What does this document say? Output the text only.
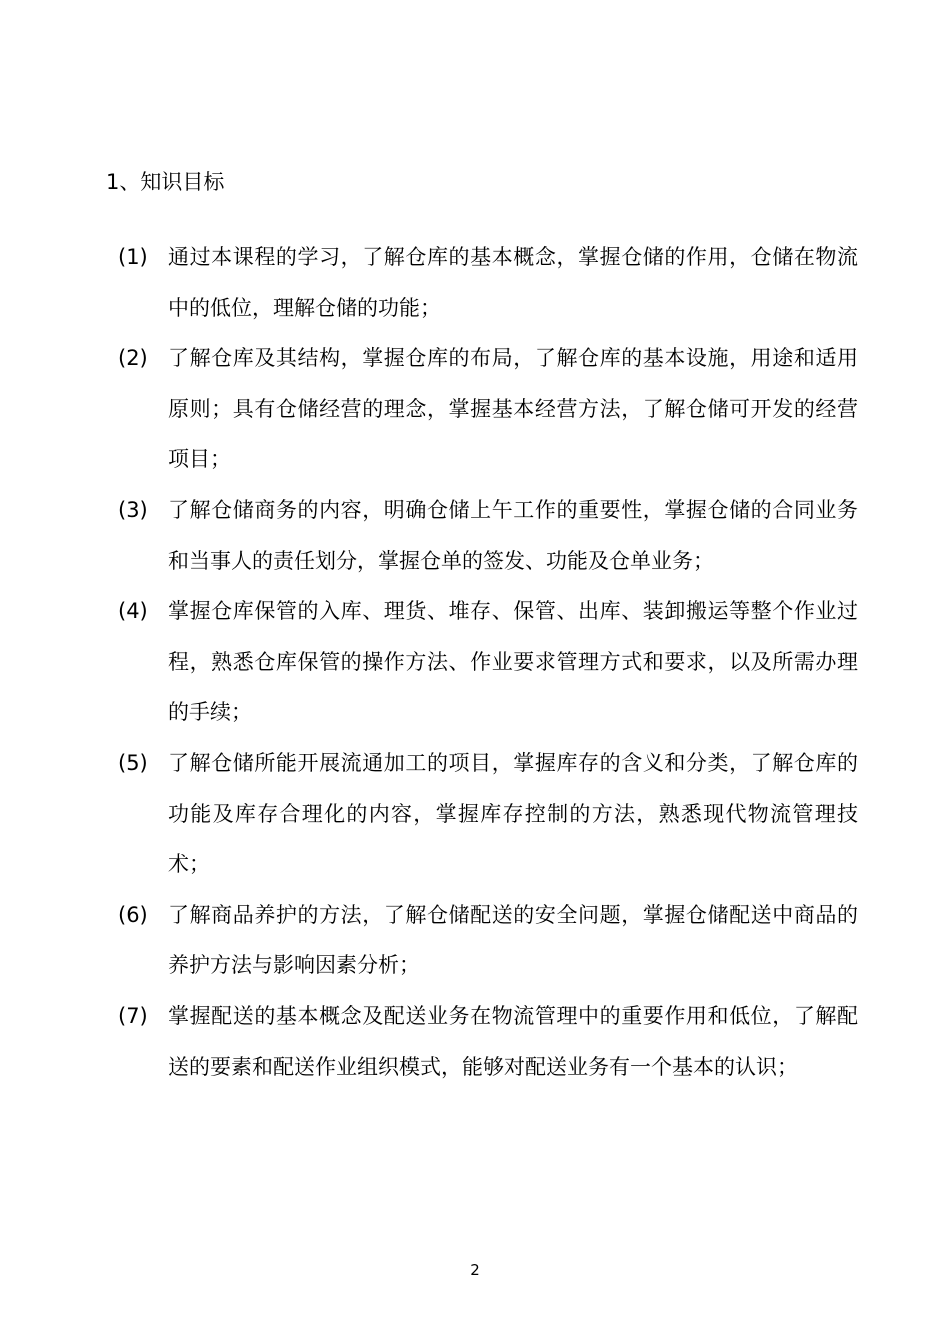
1、知识目标
(1) 通过本课程的学习，了解仓库的基本概念，掌握仓储的作用，仓储在物流中的低位，理解仓储的功能；
(2) 了解仓库及其结构，掌握仓库的布局，了解仓库的基本设施，用途和适用原则；具有仓储经营的理念，掌握基本经营方法，了解仓储可开发的经营项目；
(3) 了解仓储商务的内容，明确仓储上午工作的重要性，掌握仓储的合同业务和当事人的责任划分，掌握仓单的签发、功能及仓单业务；
(4) 掌握仓库保管的入库、理货、堆存、保管、出库、装卸搬运等整个作业过程，熟悉仓库保管的操作方法、作业要求管理方式和要求，以及所需办理的手续；
(5) 了解仓储所能开展流通加工的项目，掌握库存的含义和分类，了解仓库的功能及库存合理化的内容，掌握库存控制的方法，熟悉现代物流管理技术；
(6) 了解商品养护的方法，了解仓储配送的安全问题，掌握仓储配送中商品的养护方法与影响因素分析；
(7) 掌握配送的基本概念及配送业务在物流管理中的重要作用和低位，了解配送的要素和配送作业组织模式，能够对配送业务有一个基本的认识；
2
